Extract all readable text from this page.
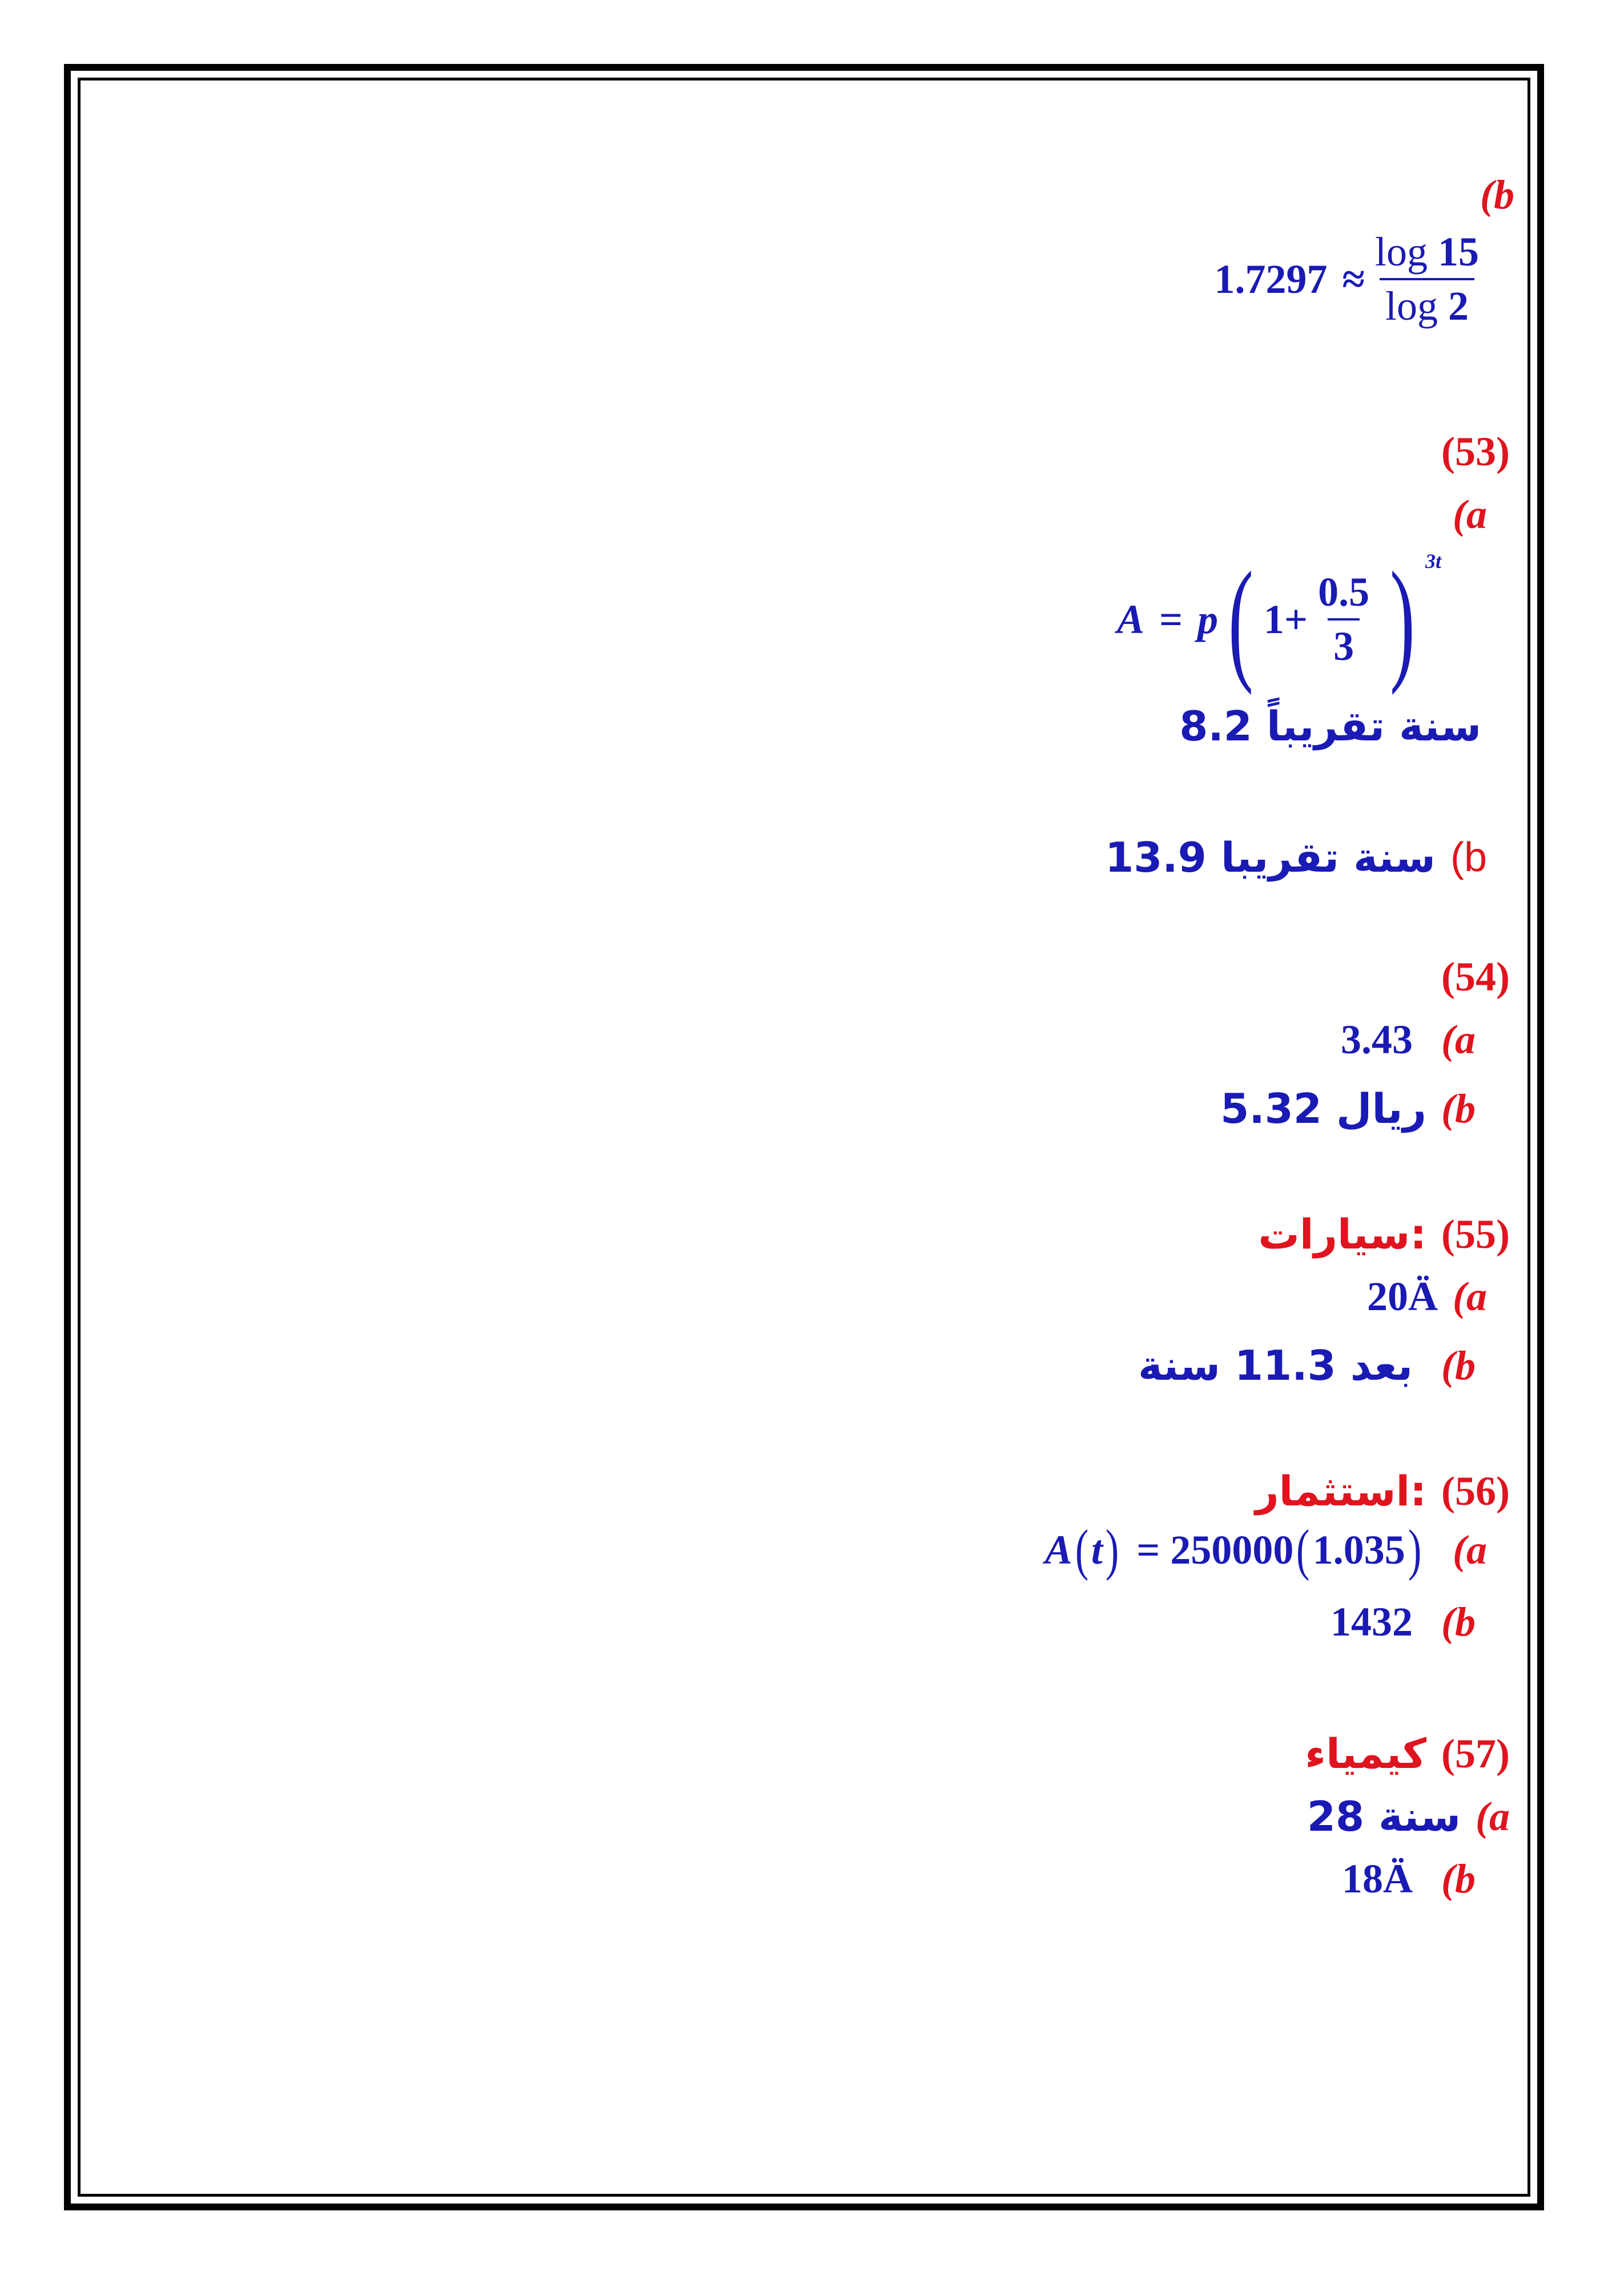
(b
$1.7297 \approx \frac{\log 15}{\log 2}$
(53)
(a
A = p ( $1 + \frac{0.5}{3}$ ) 3t
8.2 سنة تقريباً
13.9 سنة تقريبا (b
(54)
3.43 (a
5.32 ريال (b
سيارات: (55)
20Ä (a
بعد 11.3 سنة (b
استثمار: (56)
A ( t ) = 250000 ( 1.035 ) (a
1432 (b
كيمياء (57)
28 سنة (a
18Ä (b
